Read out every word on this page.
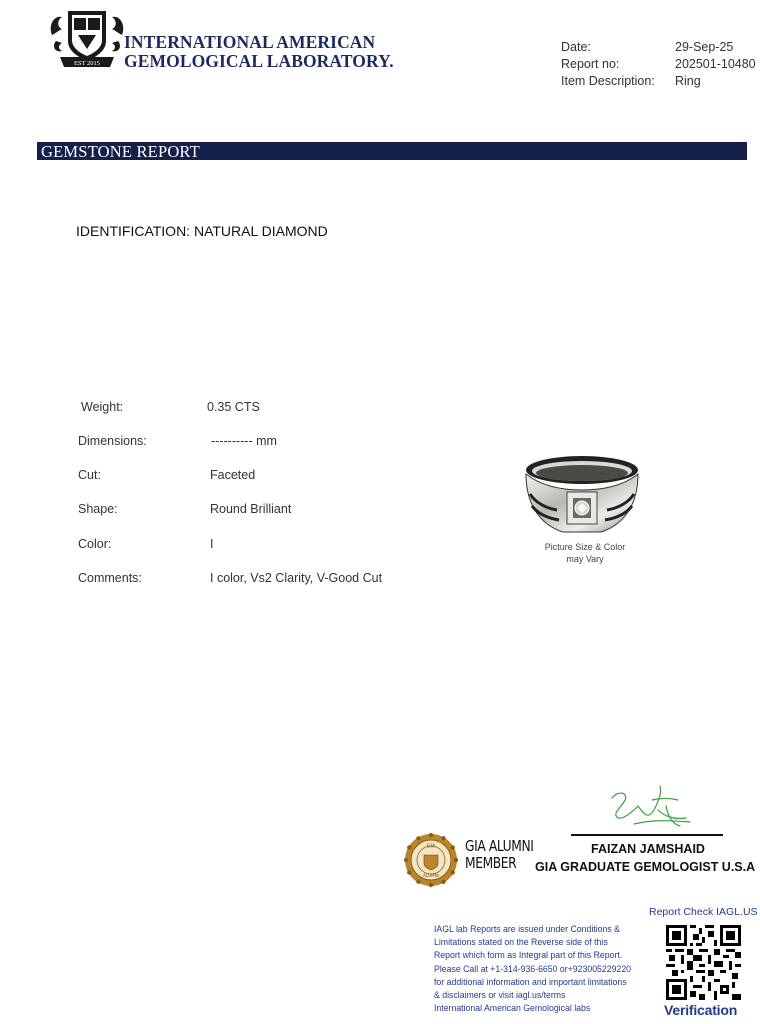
EST 2015
INTERNATIONAL AMERICAN
GEMOLOGICAL LABORATORY.
Date:	29-Sep-25
Report no:	202501-10480
Item Description: Ring
GEMSTONE REPORT
IDENTIFICATION: NATURAL DIAMOND
Weight:	0.35 CTS
Dimensions:	---------- mm
Cut:	Faceted
Shape:	Round Brilliant
Color:	I
Comments:	I color, Vs2 Clarity, V-Good Cut
Picture Size & Color
may Vary
FAIZAN JAMSHAID
GIA GRADUATE GEMOLOGIST U.S.A
GIA
ALUMNI
GIA ALUMNI
MEMBER
Report Check IAGL.US
Verification
IAGL lab Reports are issued under Conditions &
Limitations stated on the Reverse side of this
Report which form as Integral part of this Report.
Please Call at +1-314-936-6650 or+923005229220
for additional information and important limitations
& disclaimers or visit iagl.us/terms
International American Gemological labs
